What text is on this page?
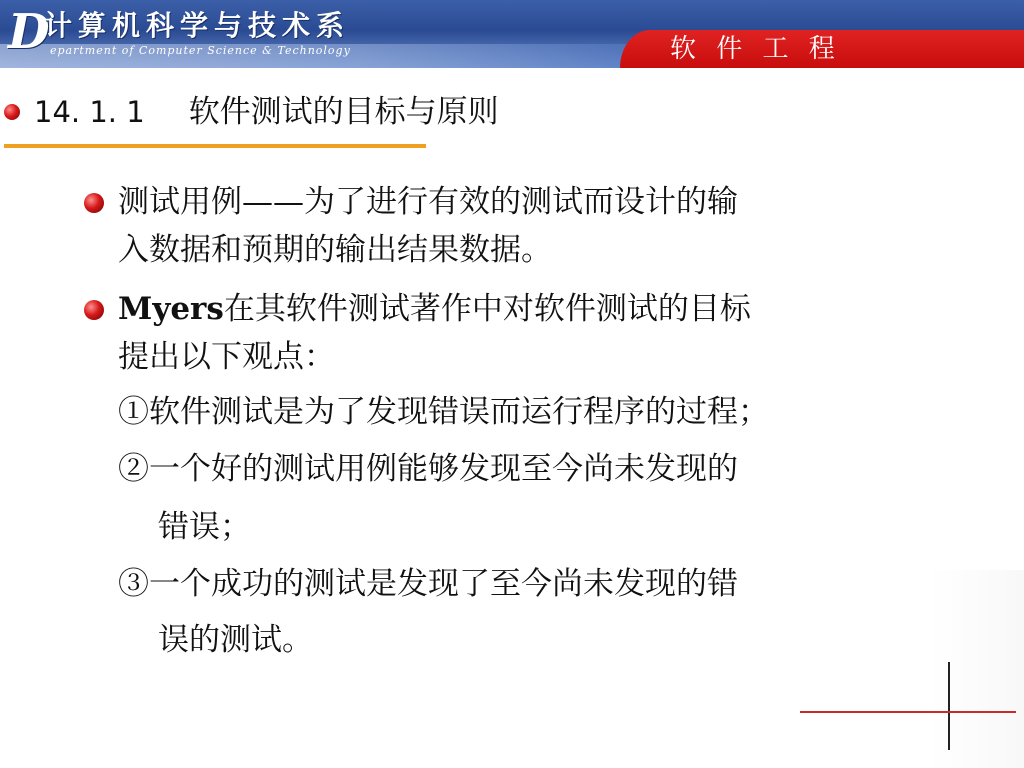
D
计算机科学与技术系
epartment of Computer Science & Technology	软 件 工 程
14. 1. 1 软件测试的目标与原则
测试用例——为了进行有效的测试而设计的输
入数据和预期的输出结果数据。
Myers在其软件测试著作中对软件测试的目标
提出以下观点：
①软件测试是为了发现错误而运行程序的过程；
②一个好的测试用例能够发现至今尚未发现的
错误；
③一个成功的测试是发现了至今尚未发现的错
误的测试。
